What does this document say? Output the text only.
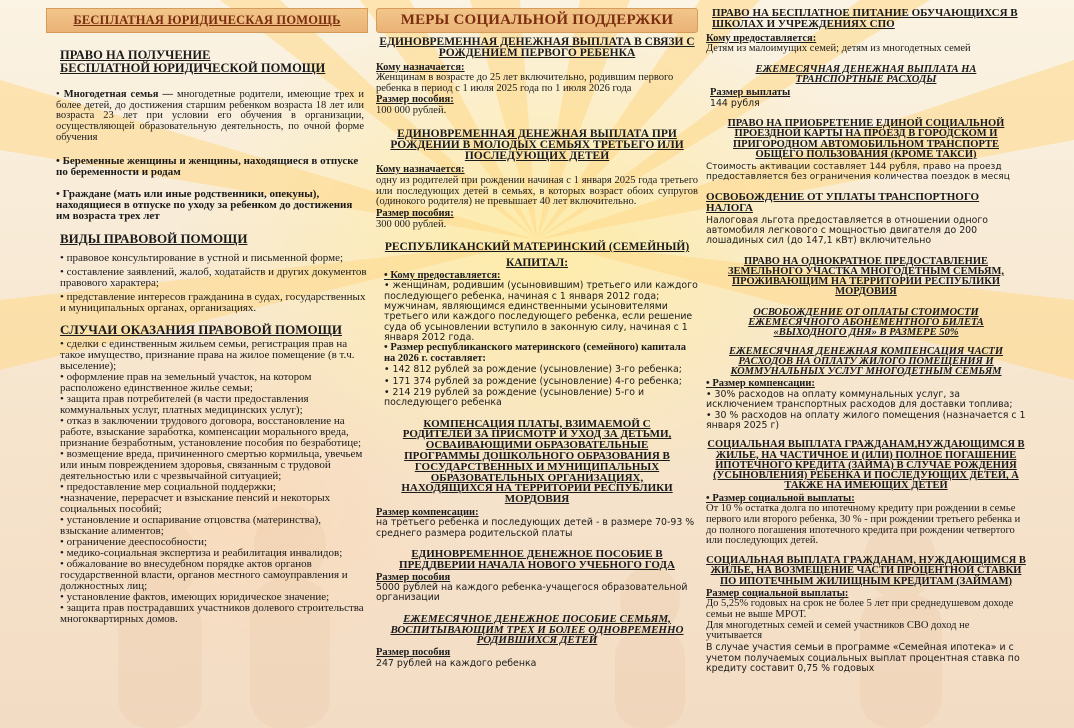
БЕСПЛАТНАЯ ЮРИДИЧЕСКАЯ ПОМОЩЬ

ПРАВО НА ПОЛУЧЕНИЕ

БЕСПЛАТНОЙ ЮРИДИЧЕСКОЙ ПОМОЩИ

• Многодетная семья — многодетные родители, имеющие трех и более детей, до достижения старшим ребенком возраста 18 лет или возраста 23 лет при условии его обучения в организации, осуществляющей образовательную деятельность, по очной форме обучения

• Беременные женщины и женщины, находящиеся в отпуске по беременности и родам

• Граждане (мать или иные родственники, опекуны), находящиеся в отпуске по уходу за ребенком до достижения им возраста трех лет

ВИДЫ ПРАВОВОЙ ПОМОЩИ

• правовое консультирование в устной и письменной форме;

• составление заявлений, жалоб, ходатайств и других документов правового характера;

• представление интересов гражданина в судах, государственных и муниципальных органах, организациях.

СЛУЧАИ ОКАЗАНИЯ ПРАВОВОЙ ПОМОЩИ

• сделки с единственным жильем семьи, регистрация прав на такое имущество, признание права на жилое помещение (в т.ч. выселение);

• оформление прав на земельный участок, на котором расположено единственное жилье семьи;

• защита прав потребителей (в части предоставления коммунальных услуг, платных медицинских услуг);

• отказ в заключении трудового договора, восстановление на работе, взыскание заработка, компенсации морального вреда, признание безработным, установление пособия по безработице;

• возмещение вреда, причиненного смертью кормильца, увечьем или иным повреждением здоровья, связанным с трудовой деятельностью или с чрезвычайной ситуацией;

• предоставление мер социальной поддержки;

•назначение, перерасчет и взыскание пенсий и некоторых социальных пособий;

• установление и оспаривание отцовства (материнства), взыскание алиментов;

• ограничение дееспособности;

• медико-социальная экспертиза и реабилитация инвалидов;

• обжалование во внесудебном порядке актов органов государственной власти, органов местного самоуправления и должностных лиц;

• установление фактов, имеющих юридическое значение;

• защита прав пострадавших участников долевого строительства многоквартирных домов.

МЕРЫ СОЦИАЛЬНОЙ ПОДДЕРЖКИ

ЕДИНОВРЕМЕННАЯ ДЕНЕЖНАЯ ВЫПЛАТА В СВЯЗИ С РОЖДЕНИЕМ ПЕРВОГО РЕБЕНКА

Кому назначается:

Женщинам в возрасте до 25 лет включительно, родившим первого ребенка в период с 1 июля 2025 года по 1 июля 2026 года

Размер пособия:

100 000 рублей.

ЕДИНОВРЕМЕННАЯ ДЕНЕЖНАЯ ВЫПЛАТА ПРИ РОЖДЕНИИ В МОЛОДЫХ СЕМЬЯХ ТРЕТЬЕГО ИЛИ ПОСЛЕДУЮЩИХ ДЕТЕЙ

Кому назначается:

одну из родителей при рождении начиная с 1 января 2025 года третьего или последующих детей в семьях, в которых возраст обоих супругов (одинокого родителя) не превышает 40 лет включительно.

Размер пособия:

300 000 рублей.

РЕСПУБЛИКАНСКИЙ МАТЕРИНСКИЙ (СЕМЕЙНЫЙ)

КАПИТАЛ:

• Кому предоставляется:

• женщинам, родившим (усыновившим) третьего или каждого последующего ребенка, начиная с 1 января 2012 года; мужчинам, являющимся единственными усыновителями третьего или каждого последующего ребенка, если решение суда об усыновлении вступило в законную силу, начиная с 1 января 2012 года.

• Размер республиканского материнского (семейного) капитала на 2026 г. составляет:

• 142 812 рублей за рождение (усыновление) 3-го ребенка;

• 171 374 рублей за рождение (усыновление) 4-го ребенка;

• 214 219 рублей за рождение (усыновление) 5-го и последующего ребенка

КОМПЕНСАЦИЯ ПЛАТЫ, ВЗИМАЕМОЙ С РОДИТЕЛЕЙ ЗА ПРИСМОТР И УХОД ЗА ДЕТЬМИ, ОСВАИВАЮЩИМИ ОБРАЗОВАТЕЛЬНЫЕ ПРОГРАММЫ ДОШКОЛЬНОГО ОБРАЗОВАНИЯ В ГОСУДАРСТВЕННЫХ И МУНИЦИПАЛЬНЫХ ОБРАЗОВАТЕЛЬНЫХ ОРГАНИЗАЦИЯХ, НАХОДЯЩИХСЯ НА ТЕРРИТОРИИ РЕСПУБЛИКИ МОРДОВИЯ

Размер компенсации:

на третьего ребенка и последующих детей - в размере 70-93 % среднего размера родительской платы

ЕДИНОВРЕМЕННОЕ ДЕНЕЖНОЕ ПОСОБИЕ В ПРЕДДВЕРИИ НАЧАЛА НОВОГО УЧЕБНОГО ГОДА

Размер пособия

5000 рублей на каждого ребенка-учащегося образовательной организации

ЕЖЕМЕСЯЧНОЕ ДЕНЕЖНОЕ ПОСОБИЕ СЕМЬЯМ, ВОСПИТЫВАЮЩИМ ТРЕХ И БОЛЕЕ ОДНОВРЕМЕННО РОДИВШИХСЯ ДЕТЕЙ

Размер пособия

247 рублей на каждого ребенка

ПРАВО НА БЕСПЛАТНОЕ ПИТАНИЕ ОБУЧАЮЩИХСЯ В ШКОЛАХ И УЧРЕЖДЕНИЯХ СПО

Кому предоставляется:

Детям из малоимущих семей; детям из многодетных семей

ЕЖЕМЕСЯЧНАЯ ДЕНЕЖНАЯ ВЫПЛАТА НА ТРАНСПОРТНЫЕ РАСХОДЫ

Размер выплаты

144 рубля

ПРАВО НА ПРИОБРЕТЕНИЕ ЕДИНОЙ СОЦИАЛЬНОЙ ПРОЕЗДНОЙ КАРТЫ НА ПРОЕЗД В ГОРОДСКОМ И ПРИГОРОДНОМ АВТОМОБИЛЬНОМ ТРАНСПОРТЕ ОБЩЕГО ПОЛЬЗОВАНИЯ (КРОМЕ ТАКСИ)

Стоимость активации составляет 144 рубля, право на проезд предоставляется без ограничения количества поездок в месяц

ОСВОБОЖДЕНИЕ ОТ УПЛАТЫ ТРАНСПОРТНОГО НАЛОГА

Налоговая льгота предоставляется в отношении одного автомобиля легкового с мощностью двигателя до 200 лошадиных сил (до 147,1 кВт) включительно

ПРАВО НА ОДНОКРАТНОЕ ПРЕДОСТАВЛЕНИЕ ЗЕМЕЛЬНОГО УЧАСТКА МНОГОДЕТНЫМ СЕМЬЯМ, ПРОЖИВАЮЩИМ НА ТЕРРИТОРИИ РЕСПУБЛИКИ МОРДОВИЯ

ОСВОБОЖДЕНИЕ ОТ ОПЛАТЫ СТОИМОСТИ ЕЖЕМЕСЯЧНОГО АБОНЕМЕНТНОГО БИЛЕТА «ВЫХОДНОГО ДНЯ» В РАЗМЕРЕ 50%

ЕЖЕМЕСЯЧНАЯ ДЕНЕЖНАЯ КОМПЕНСАЦИЯ ЧАСТИ РАСХОДОВ НА ОПЛАТУ ЖИЛОГО ПОМЕЩЕНИЯ И КОММУНАЛЬНЫХ УСЛУГ МНОГОДЕТНЫМ СЕМЬЯМ

• Размер компенсации:

• 30% расходов на оплату коммунальных услуг, за исключением транспортных расходов для доставки топлива;

• 30 % расходов на оплату жилого помещения (назначается с 1 января 2025 г)

СОЦИАЛЬНАЯ ВЫПЛАТА ГРАЖДАНАМ,НУЖДАЮЩИМСЯ В ЖИЛЬЕ, НА ЧАСТИЧНОЕ И (ИЛИ) ПОЛНОЕ ПОГАШЕНИЕ ИПОТЕЧНОГО КРЕДИТА (ЗАЙМА) В СЛУЧАЕ РОЖДЕНИЯ (УСЫНОВЛЕНИЯ) РЕБЕНКА И ПОСЛЕДУЮЩИХ ДЕТЕЙ, А ТАКЖЕ НА ИМЕЮЩИХ ДЕТЕЙ

• Размер социальной выплаты:

От 10 % остатка долга по ипотечному кредиту при рождении в семье первого или второго ребенка, 30 % - при рождении третьего ребенка и до полного погашения ипотечного кредита при рождении четвертого или последующих детей.

СОЦИАЛЬНАЯ ВЫПЛАТА ГРАЖДАНАМ, НУЖДАЮЩИМСЯ В ЖИЛЬЕ, НА ВОЗМЕЩЕНИЕ ЧАСТИ ПРОЦЕНТНОЙ СТАВКИ ПО ИПОТЕЧНЫМ ЖИЛИЩНЫМ КРЕДИТАМ (ЗАЙМАМ)

Размер социальной выплаты:

До 5,25% годовых на срок не более 5 лет при среднедушевом доходе семьи не выше МРОТ.

Для многодетных семей и семей участников СВО доход не учитывается

В случае участия семьи в программе «Семейная ипотека» и с учетом получаемых социальных выплат процентная ставка по кредиту составит 0,75 % годовых
